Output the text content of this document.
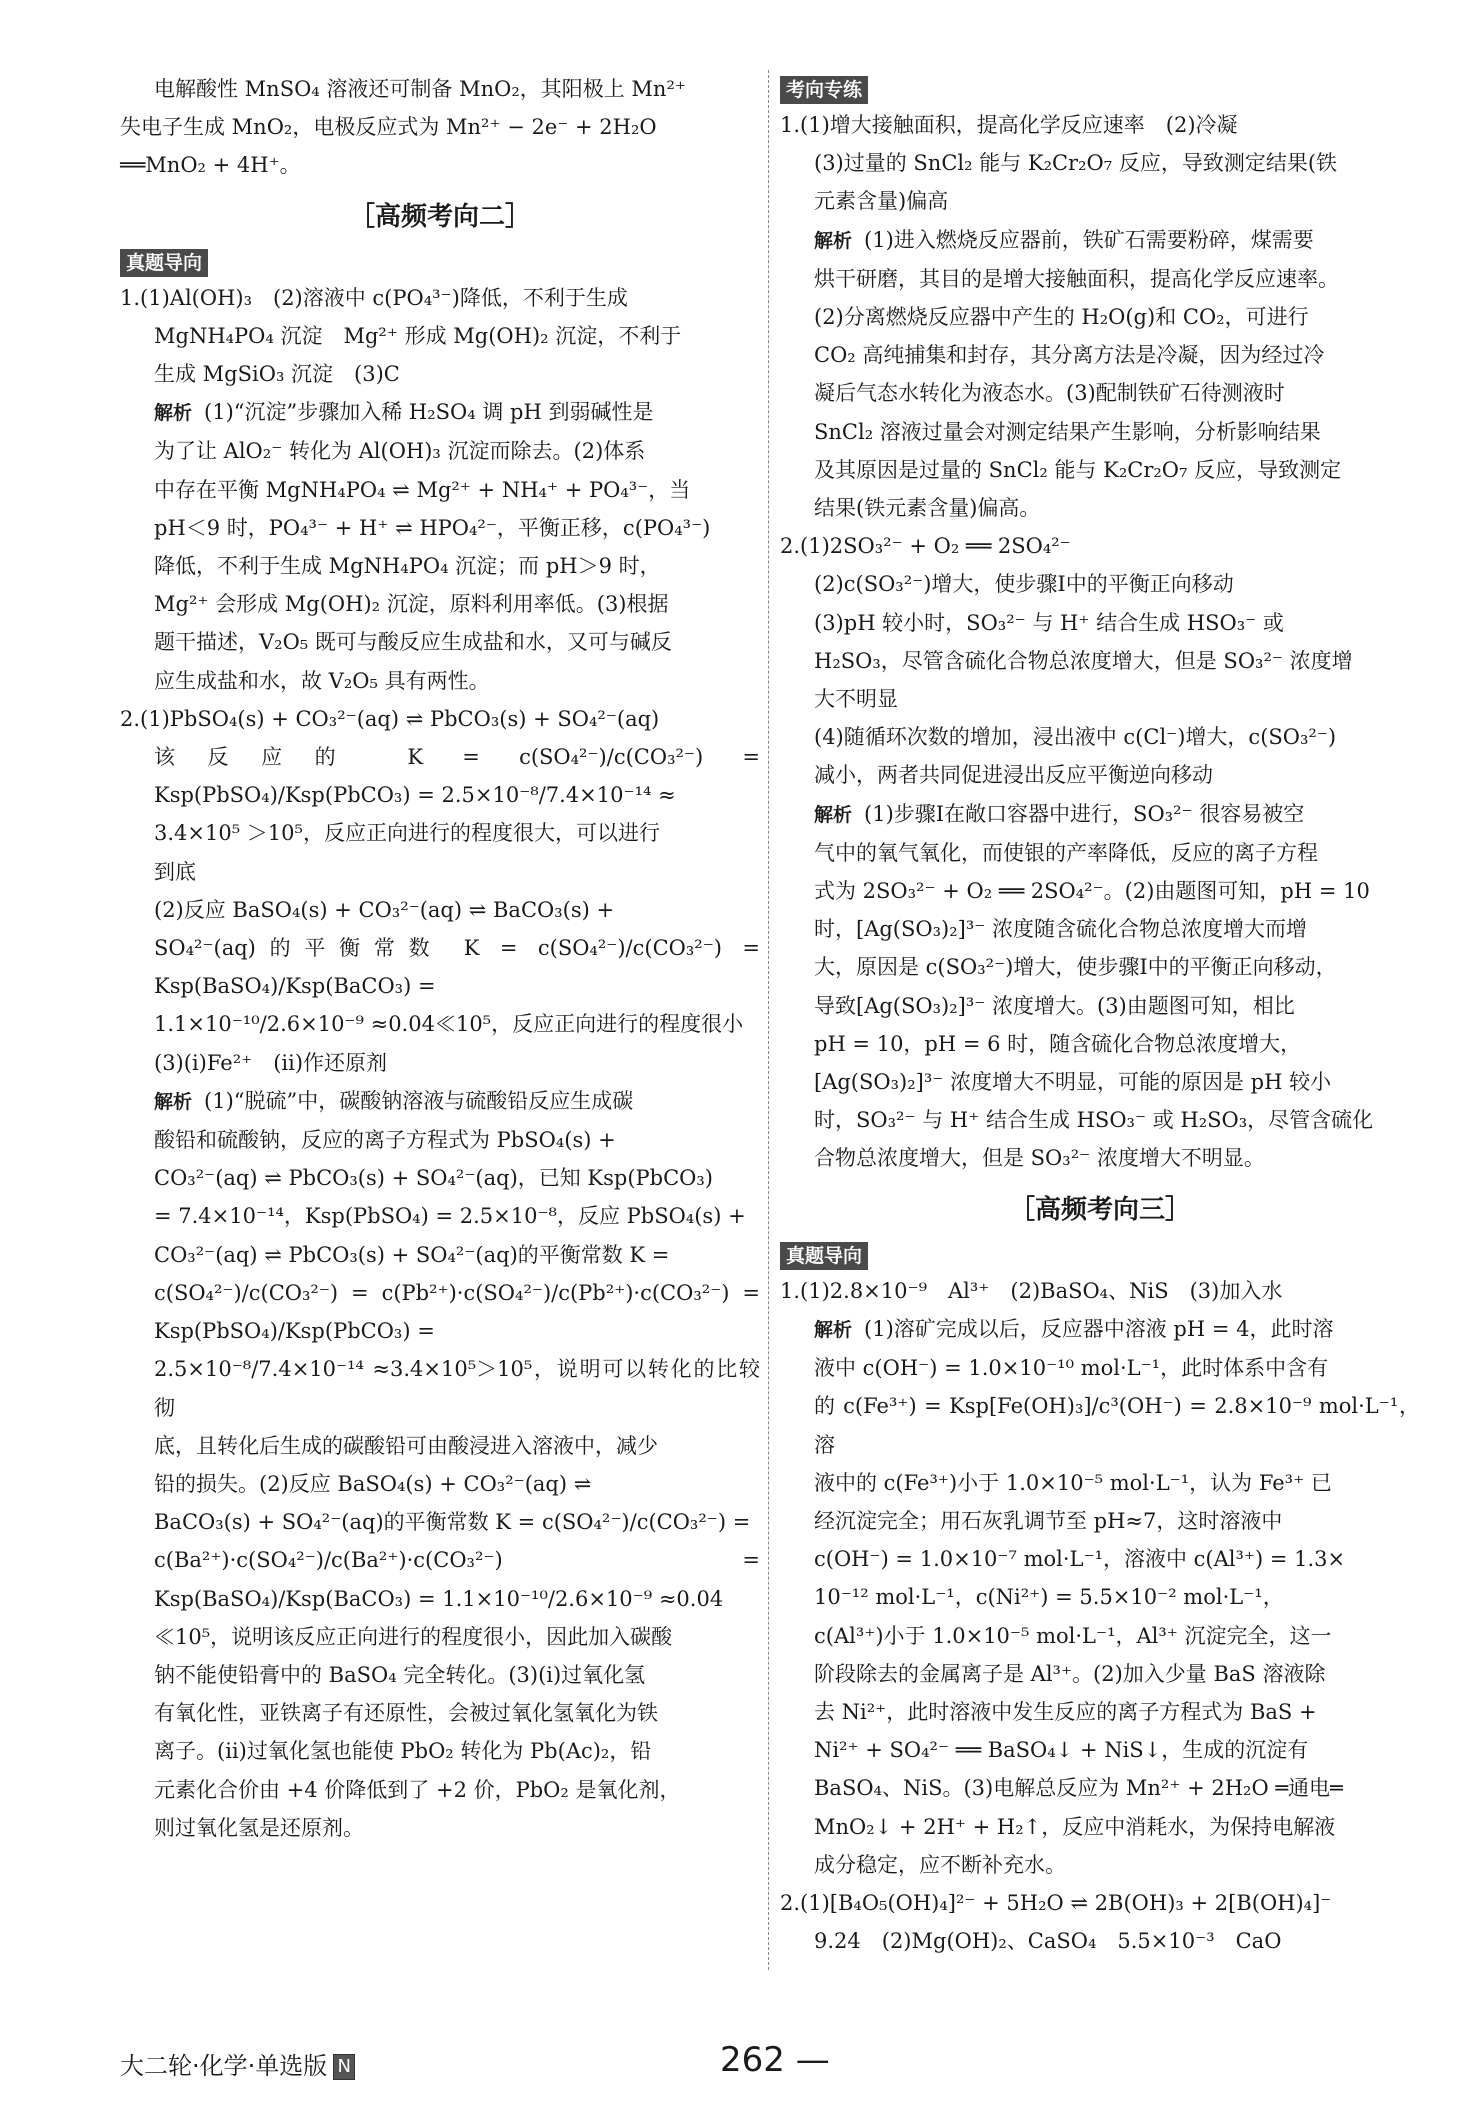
电解酸性 MnSO₄ 溶液还可制备 MnO₂，其阳极上 Mn²⁺

失电子生成 MnO₂，电极反应式为 Mn²⁺ − 2e⁻ + 2H₂O

══MnO₂ + 4H⁺。

［高频考向二］
真题导向

1.(1)Al(OH)₃　(2)溶液中 c(PO₄³⁻)降低，不利于生成

MgNH₄PO₄ 沉淀　Mg²⁺ 形成 Mg(OH)₂ 沉淀，不利于

生成 MgSiO₃ 沉淀　(3)C

解析 (1)“沉淀”步骤加入稀 H₂SO₄ 调 pH 到弱碱性是

为了让 AlO₂⁻ 转化为 Al(OH)₃ 沉淀而除去。(2)体系

中存在平衡 MgNH₄PO₄ ⇌ Mg²⁺ + NH₄⁺ + PO₄³⁻，当

pH＜9 时，PO₄³⁻ + H⁺ ⇌ HPO₄²⁻，平衡正移，c(PO₄³⁻)

降低，不利于生成 MgNH₄PO₄ 沉淀；而 pH＞9 时，

Mg²⁺ 会形成 Mg(OH)₂ 沉淀，原料利用率低。(3)根据

题干描述，V₂O₅ 既可与酸反应生成盐和水，又可与碱反

应生成盐和水，故 V₂O₅ 具有两性。

2.(1)PbSO₄(s) + CO₃²⁻(aq) ⇌ PbCO₃(s) + SO₄²⁻(aq)

该反应的 K = c(SO₄²⁻)/c(CO₃²⁻) = Ksp(PbSO₄)/Ksp(PbCO₃) = 2.5×10⁻⁸/7.4×10⁻¹⁴ ≈

3.4×10⁵ ＞10⁵，反应正向进行的程度很大，可以进行

到底

(2)反应 BaSO₄(s) + CO₃²⁻(aq) ⇌ BaCO₃(s) +

SO₄²⁻(aq)的平衡常数 K = c(SO₄²⁻)/c(CO₃²⁻) = Ksp(BaSO₄)/Ksp(BaCO₃) =

1.1×10⁻¹⁰/2.6×10⁻⁹ ≈0.04≪10⁵，反应正向进行的程度很小

(3)(ⅰ)Fe²⁺　(ⅱ)作还原剂

解析 (1)“脱硫”中，碳酸钠溶液与硫酸铅反应生成碳

酸铅和硫酸钠，反应的离子方程式为 PbSO₄(s) +

CO₃²⁻(aq) ⇌ PbCO₃(s) + SO₄²⁻(aq)，已知 Ksp(PbCO₃)

= 7.4×10⁻¹⁴，Ksp(PbSO₄) = 2.5×10⁻⁸，反应 PbSO₄(s) +

CO₃²⁻(aq) ⇌ PbCO₃(s) + SO₄²⁻(aq)的平衡常数 K =

c(SO₄²⁻)/c(CO₃²⁻) = c(Pb²⁺)·c(SO₄²⁻)/c(Pb²⁺)·c(CO₃²⁻) = Ksp(PbSO₄)/Ksp(PbCO₃) =

2.5×10⁻⁸/7.4×10⁻¹⁴ ≈3.4×10⁵＞10⁵，说明可以转化的比较彻

底，且转化后生成的碳酸铅可由酸浸进入溶液中，减少

铅的损失。(2)反应 BaSO₄(s) + CO₃²⁻(aq) ⇌

BaCO₃(s) + SO₄²⁻(aq)的平衡常数 K = c(SO₄²⁻)/c(CO₃²⁻) =

c(Ba²⁺)·c(SO₄²⁻)/c(Ba²⁺)·c(CO₃²⁻) = Ksp(BaSO₄)/Ksp(BaCO₃) = 1.1×10⁻¹⁰/2.6×10⁻⁹ ≈0.04

≪10⁵，说明该反应正向进行的程度很小，因此加入碳酸

钠不能使铅膏中的 BaSO₄ 完全转化。(3)(ⅰ)过氧化氢

有氧化性，亚铁离子有还原性，会被过氧化氢氧化为铁

离子。(ⅱ)过氧化氢也能使 PbO₂ 转化为 Pb(Ac)₂，铅

元素化合价由 +4 价降低到了 +2 价，PbO₂ 是氧化剂，

则过氧化氢是还原剂。

考向专练

1.(1)增大接触面积，提高化学反应速率　(2)冷凝

(3)过量的 SnCl₂ 能与 K₂Cr₂O₇ 反应，导致测定结果(铁

元素含量)偏高

解析 (1)进入燃烧反应器前，铁矿石需要粉碎，煤需要

烘干研磨，其目的是增大接触面积，提高化学反应速率。

(2)分离燃烧反应器中产生的 H₂O(g)和 CO₂，可进行

CO₂ 高纯捕集和封存，其分离方法是冷凝，因为经过冷

凝后气态水转化为液态水。(3)配制铁矿石待测液时

SnCl₂ 溶液过量会对测定结果产生影响，分析影响结果

及其原因是过量的 SnCl₂ 能与 K₂Cr₂O₇ 反应，导致测定

结果(铁元素含量)偏高。

2.(1)2SO₃²⁻ + O₂ ══ 2SO₄²⁻

(2)c(SO₃²⁻)增大，使步骤Ⅰ中的平衡正向移动

(3)pH 较小时，SO₃²⁻ 与 H⁺ 结合生成 HSO₃⁻ 或

H₂SO₃，尽管含硫化合物总浓度增大，但是 SO₃²⁻ 浓度增

大不明显

(4)随循环次数的增加，浸出液中 c(Cl⁻)增大，c(SO₃²⁻)

减小，两者共同促进浸出反应平衡逆向移动

解析 (1)步骤Ⅰ在敞口容器中进行，SO₃²⁻ 很容易被空

气中的氧气氧化，而使银的产率降低，反应的离子方程

式为 2SO₃²⁻ + O₂ ══ 2SO₄²⁻。(2)由题图可知，pH = 10

时，[Ag(SO₃)₂]³⁻ 浓度随含硫化合物总浓度增大而增

大，原因是 c(SO₃²⁻)增大，使步骤Ⅰ中的平衡正向移动，

导致[Ag(SO₃)₂]³⁻ 浓度增大。(3)由题图可知，相比

pH = 10，pH = 6 时，随含硫化合物总浓度增大，

[Ag(SO₃)₂]³⁻ 浓度增大不明显，可能的原因是 pH 较小

时，SO₃²⁻ 与 H⁺ 结合生成 HSO₃⁻ 或 H₂SO₃，尽管含硫化

合物总浓度增大，但是 SO₃²⁻ 浓度增大不明显。

［高频考向三］
真题导向

1.(1)2.8×10⁻⁹　Al³⁺　(2)BaSO₄、NiS　(3)加入水

解析 (1)溶矿完成以后，反应器中溶液 pH = 4，此时溶

液中 c(OH⁻) = 1.0×10⁻¹⁰ mol·L⁻¹，此时体系中含有

的 c(Fe³⁺) = Ksp[Fe(OH)₃]/c³(OH⁻) = 2.8×10⁻⁹ mol·L⁻¹，溶

液中的 c(Fe³⁺)小于 1.0×10⁻⁵ mol·L⁻¹，认为 Fe³⁺ 已

经沉淀完全；用石灰乳调节至 pH≈7，这时溶液中

c(OH⁻) = 1.0×10⁻⁷ mol·L⁻¹，溶液中 c(Al³⁺) = 1.3×

10⁻¹² mol·L⁻¹，c(Ni²⁺) = 5.5×10⁻² mol·L⁻¹，

c(Al³⁺)小于 1.0×10⁻⁵ mol·L⁻¹，Al³⁺ 沉淀完全，这一

阶段除去的金属离子是 Al³⁺。(2)加入少量 BaS 溶液除

去 Ni²⁺，此时溶液中发生反应的离子方程式为 BaS +

Ni²⁺ + SO₄²⁻ ══ BaSO₄↓ + NiS↓，生成的沉淀有

BaSO₄、NiS。(3)电解总反应为 Mn²⁺ + 2H₂O ═通电═

MnO₂↓ + 2H⁺ + H₂↑，反应中消耗水，为保持电解液

成分稳定，应不断补充水。

2.(1)[B₄O₅(OH)₄]²⁻ + 5H₂O ⇌ 2B(OH)₃ + 2[B(OH)₄]⁻

9.24　(2)Mg(OH)₂、CaSO₄　5.5×10⁻³　CaO

大二轮·化学·单选版 N	262 —
